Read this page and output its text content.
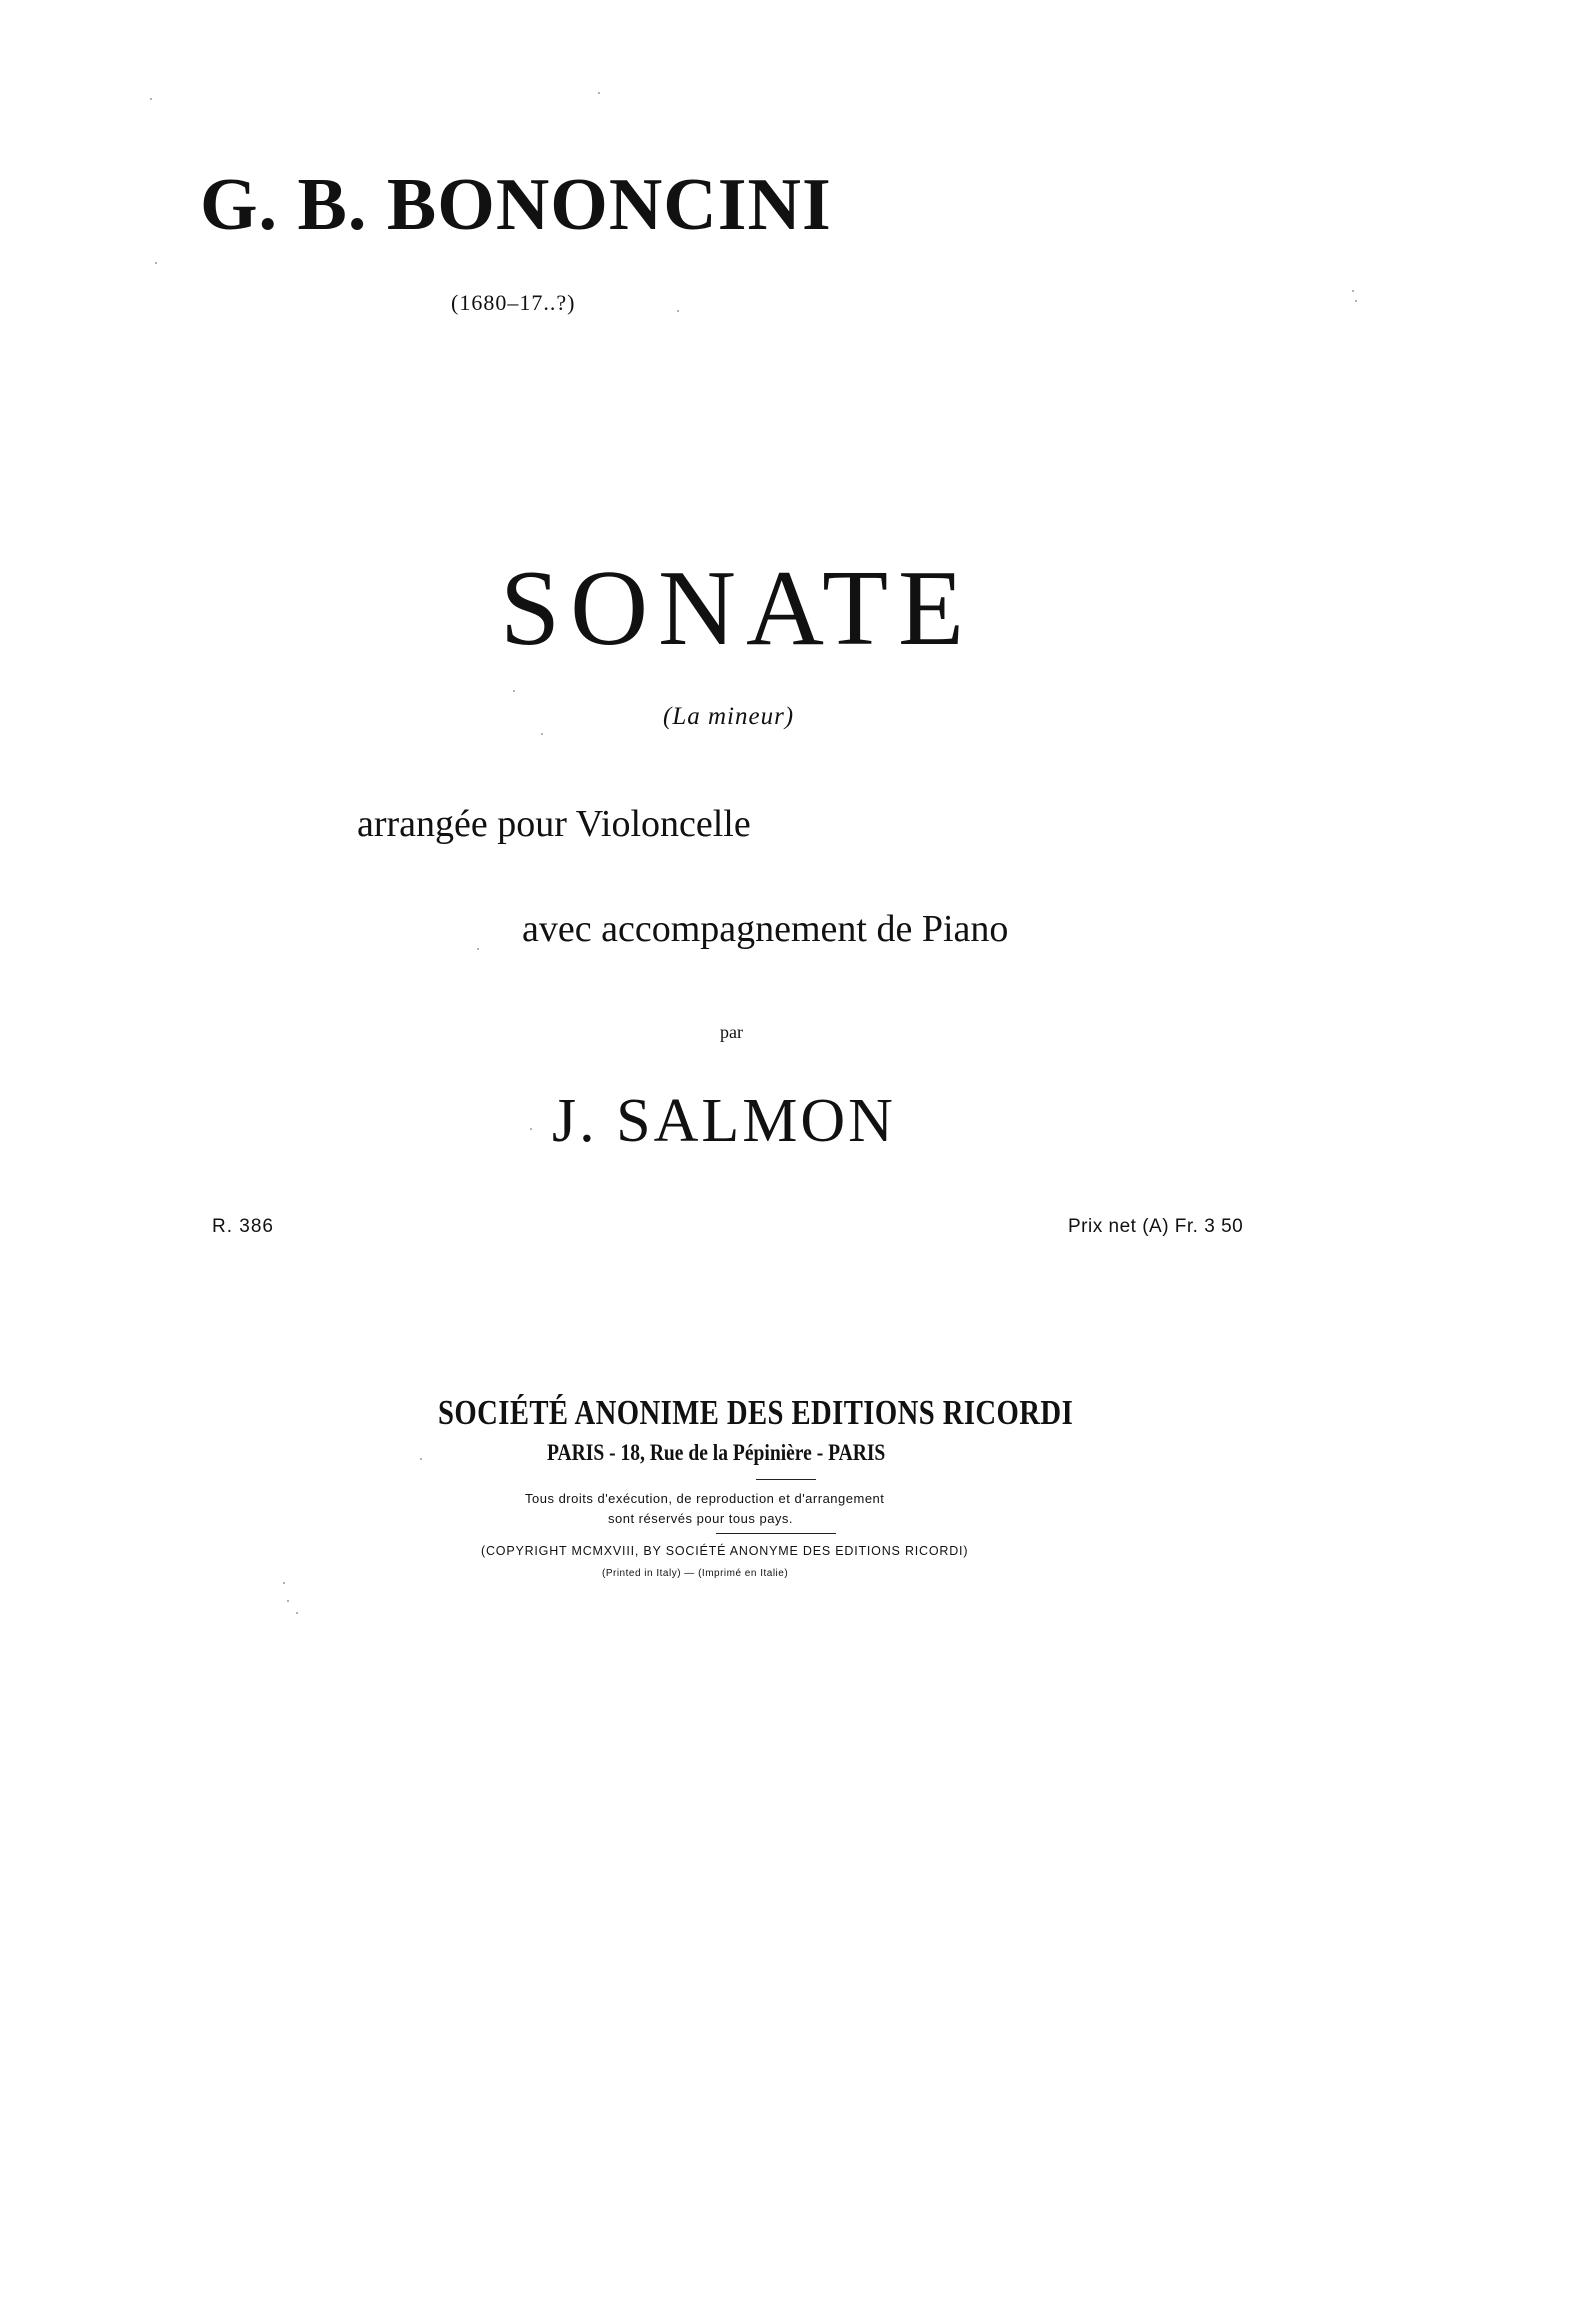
G. B. BONONCINI
(1680–17..?)
SONATE
(La mineur)
arrangée pour Violoncelle
avec accompagnement de Piano
par
J. SALMON
R. 386	Prix net (A) Fr. 3 50
SOCIÉTÉ ANONIME DES EDITIONS RICORDI
PARIS - 18, Rue de la Pépinière - PARIS
Tous droits d'exécution, de reproduction et d'arrangement
sont réservés pour tous pays.
(COPYRIGHT MCMXVIII, BY SOCIÉTÉ ANONYME DES EDITIONS RICORDI)
(Printed in Italy) — (Imprimé en Italie)
